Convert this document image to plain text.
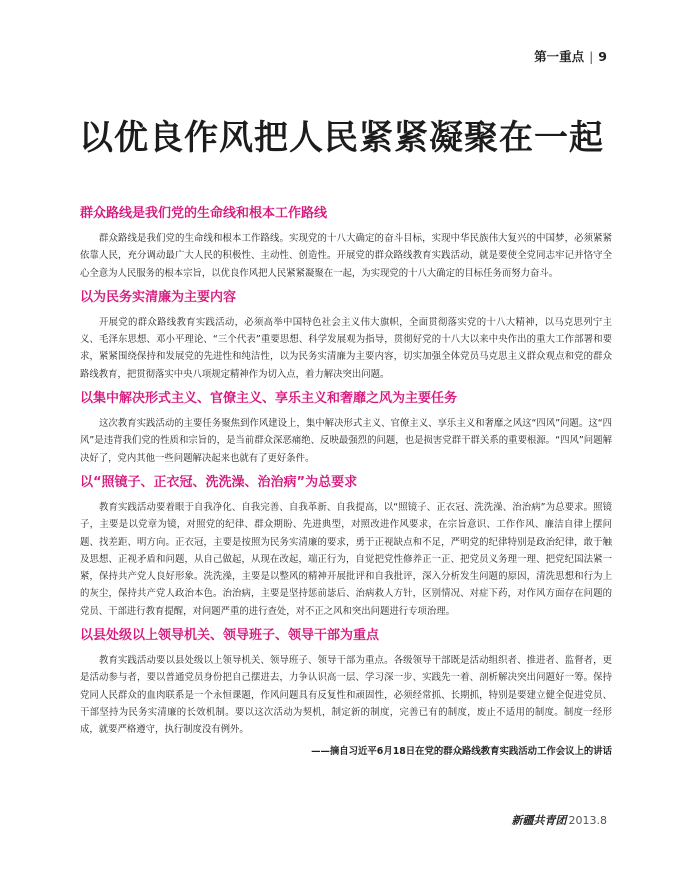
第一重点 | 9
以优良作风把人民紧紧凝聚在一起
群众路线是我们党的生命线和根本工作路线

群众路线是我们党的生命线和根本工作路线。实现党的十八大确定的奋斗目标，实现中华民族伟大复兴的中国梦，必须紧紧依靠人民，充分调动最广大人民的积极性、主动性、创造性。开展党的群众路线教育实践活动，就是要使全党同志牢记并恪守全心全意为人民服务的根本宗旨，以优良作风把人民紧紧凝聚在一起，为实现党的十八大确定的目标任务而努力奋斗。

以为民务实清廉为主要内容

开展党的群众路线教育实践活动，必须高举中国特色社会主义伟大旗帜，全面贯彻落实党的十八大精神，以马克思列宁主义、毛泽东思想、邓小平理论、“三个代表”重要思想、科学发展观为指导，贯彻好党的十八大以来中央作出的重大工作部署和要求，紧紧围绕保持和发展党的先进性和纯洁性，以为民务实清廉为主要内容，切实加强全体党员马克思主义群众观点和党的群众路线教育，把贯彻落实中央八项规定精神作为切入点，着力解决突出问题。

以集中解决形式主义、官僚主义、享乐主义和奢靡之风为主要任务

这次教育实践活动的主要任务聚焦到作风建设上，集中解决形式主义、官僚主义、享乐主义和奢靡之风这“四风”问题。这“四风”是违背我们党的性质和宗旨的，是当前群众深恶痛绝、反映最强烈的问题，也是损害党群干群关系的重要根源。“四风”问题解决好了，党内其他一些问题解决起来也就有了更好条件。

以“照镜子、正衣冠、洗洗澡、治治病”为总要求

教育实践活动要着眼于自我净化、自我完善、自我革新、自我提高，以“照镜子、正衣冠、洗洗澡、治治病”为总要求。照镜子，主要是以党章为镜，对照党的纪律、群众期盼、先进典型，对照改进作风要求，在宗旨意识、工作作风、廉洁自律上摆问题、找差距、明方向。正衣冠，主要是按照为民务实清廉的要求，勇于正视缺点和不足，严明党的纪律特别是政治纪律，敢于触及思想、正视矛盾和问题，从自己做起，从现在改起，端正行为，自觉把党性修养正一正、把党员义务理一理、把党纪国法紧一紧，保持共产党人良好形象。洗洗澡，主要是以整风的精神开展批评和自我批评，深入分析发生问题的原因，清洗思想和行为上的灰尘，保持共产党人政治本色。治治病，主要是坚持惩前毖后、治病救人方针，区别情况、对症下药，对作风方面存在问题的党员、干部进行教育提醒，对问题严重的进行查处，对不正之风和突出问题进行专项治理。

以县处级以上领导机关、领导班子、领导干部为重点

教育实践活动要以县处级以上领导机关、领导班子、领导干部为重点。各级领导干部既是活动组织者、推进者、监督者，更是活动参与者，要以普通党员身份把自己摆进去，力争认识高一层、学习深一步、实践先一着、剖析解决突出问题好一筹。保持党同人民群众的血肉联系是一个永恒课题，作风问题具有反复性和顽固性，必须经常抓、长期抓，特别是要建立健全促进党员、干部坚持为民务实清廉的长效机制。要以这次活动为契机，制定新的制度，完善已有的制度，废止不适用的制度。制度一经形成，就要严格遵守，执行制度没有例外。

——摘自习近平6月18日在党的群众路线教育实践活动工作会议上的讲话
新疆共青团 2013.8
